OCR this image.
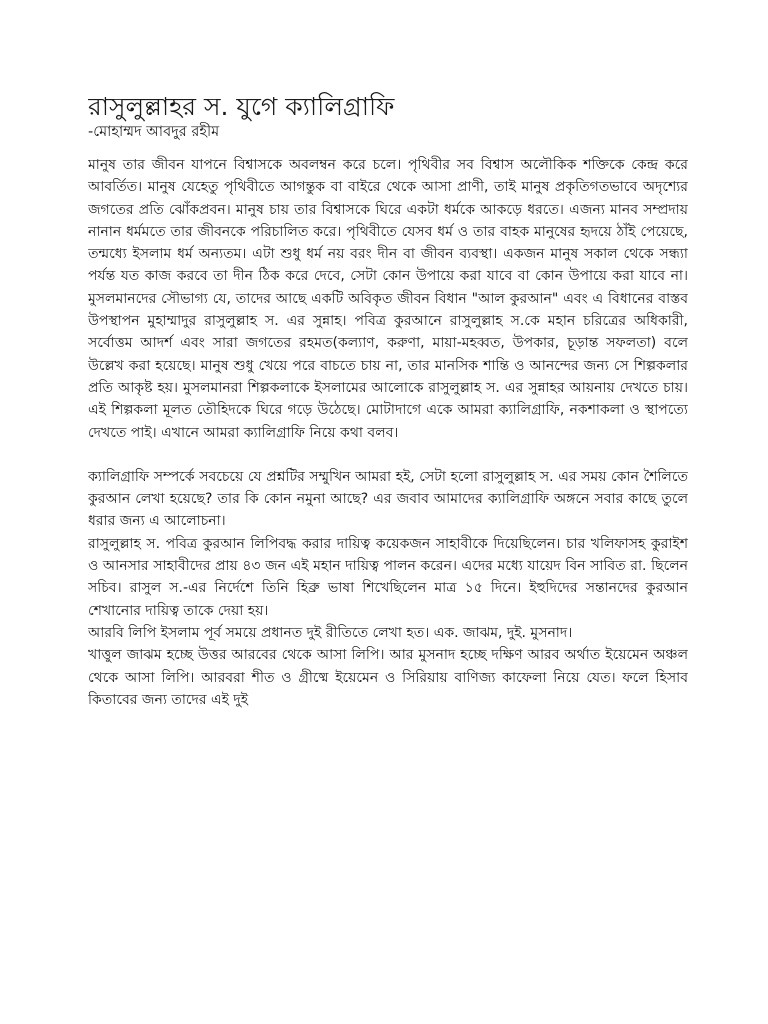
রাসুলুল্লাহর স. যুগে ক্যালিগ্রাফি

-মোহাম্মদ আবদুর রহীম

মানুষ তার জীবন যাপনে বিশ্বাসকে অবলম্বন করে চলে। পৃথিবীর সব বিশ্বাস অলৌকিক শক্তিকে কেন্দ্র করে আবর্তিত। মানুষ যেহেতু পৃথিবীতে আগন্তুক বা বাইরে থেকে আসা প্রাণী, তাই মানুষ প্রকৃতিগতভাবে অদৃশ্যের জগতের প্রতি ঝোঁকপ্রবন। মানুষ চায় তার বিশ্বাসকে ঘিরে একটা ধর্মকে আকড়ে ধরতে। এজন্য মানব সম্প্রদায় নানান ধর্মমতে তার জীবনকে পরিচালিত করে। পৃথিবীতে যেসব ধর্ম ও তার বাহক মানুষের হৃদয়ে ঠাঁই পেয়েছে, তন্মধ্যে ইসলাম ধর্ম অন্যতম। এটা শুধু ধর্ম নয় বরং দীন বা জীবন ব্যবস্থা। একজন মানুষ সকাল থেকে সন্ধ্যা পর্যন্ত যত কাজ করবে তা দীন ঠিক করে দেবে, সেটা কোন উপায়ে করা যাবে বা কোন উপায়ে করা যাবে না। মুসলমানদের সৌভাগ্য যে, তাদের আছে একটি অবিকৃত জীবন বিধান "আল কুরআন" এবং এ বিধানের বাস্তব উপস্থাপন মুহাম্মাদুর রাসুলুল্লাহ স. এর সুন্নাহ। পবিত্র কুরআনে রাসুলুল্লাহ স.কে মহান চরিত্রের অধিকারী, সর্বোত্তম আদর্শ এবং সারা জগতের রহমত(কল্যাণ, করুণা, মায়া-মহব্বত, উপকার, চূড়ান্ত সফলতা) বলে উল্লেখ করা হয়েছে। মানুষ শুধু খেয়ে পরে বাচতে চায় না, তার মানসিক শান্তি ও আনন্দের জন্য সে শিল্পকলার প্রতি আকৃষ্ট হয়। মুসলমানরা শিল্পকলাকে ইসলামের আলোকে রাসুলুল্লাহ স. এর সুন্নাহর আয়নায় দেখতে চায়। এই শিল্পকলা মূলত তৌহিদকে ঘিরে গড়ে উঠেছে। মোটাদাগে একে আমরা ক্যালিগ্রাফি, নকশাকলা ও স্থাপত্যে দেখতে পাই। এখানে আমরা ক্যালিগ্রাফি নিয়ে কথা বলব।

ক্যালিগ্রাফি সম্পর্কে সবচেয়ে যে প্রশ্নটির সম্মুখিন আমরা হই, সেটা হলো রাসুলুল্লাহ স. এর সময় কোন শৈলিতে কুরআন লেখা হয়েছে? তার কি কোন নমুনা আছে? এর জবাব আমাদের ক্যালিগ্রাফি অঙ্গনে সবার কাছে তুলে ধরার জন্য এ আলোচনা।

রাসুলুল্লাহ স. পবিত্র কুরআন লিপিবদ্ধ করার দায়িত্ব কয়েকজন সাহাবীকে দিয়েছিলেন। চার খলিফাসহ কুরাইশ ও আনসার সাহাবীদের প্রায় ৪৩ জন এই মহান দায়িত্ব পালন করেন। এদের মধ্যে যায়েদ বিন সাবিত রা. ছিলেন সচিব। রাসুল স.-এর নির্দেশে তিনি হিব্রু ভাষা শিখেছিলেন মাত্র ১৫ দিনে। ইহুদিদের সন্তানদের কুরআন শেখানোর দায়িত্ব তাকে দেয়া হয়।

আরবি লিপি ইসলাম পূর্ব সময়ে প্রধানত দুই রীতিতে লেখা হত। এক. জাঝম, দুই. মুসনাদ।

খাত্তুল জাঝম হচ্ছে উত্তর আরবের থেকে আসা লিপি। আর মুসনাদ হচ্ছে দক্ষিণ আরব অর্থাত ইয়েমেন অঞ্চল থেকে আসা লিপি। আরবরা শীত ও গ্রীষ্মে ইয়েমেন ও সিরিয়ায় বাণিজ্য কাফেলা নিয়ে যেত। ফলে হিসাব কিতাবের জন্য তাদের এই দুই
